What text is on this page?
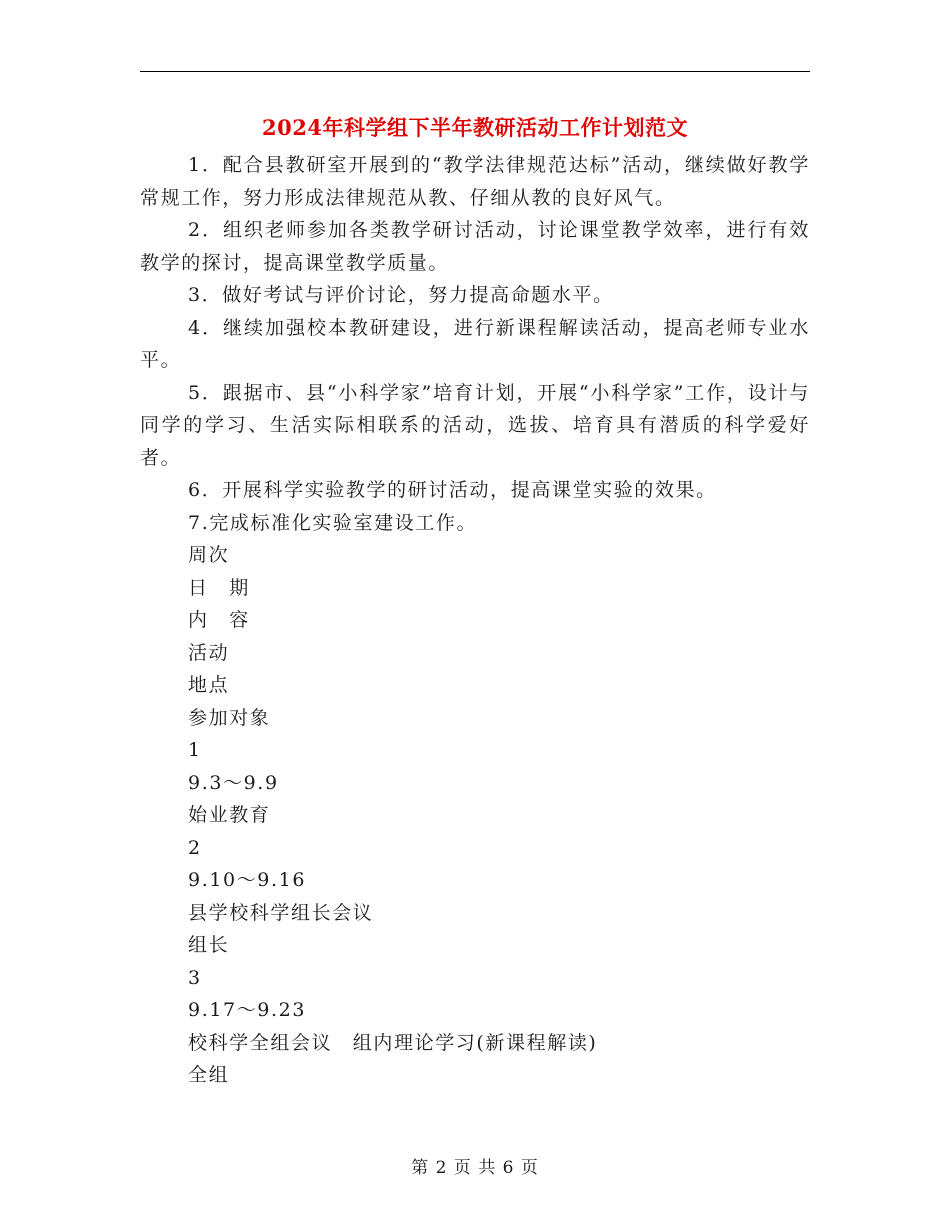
2024年科学组下半年教研活动工作计划范文

1．配合县教研室开展到的“教学法律规范达标”活动，继续做好教学常规工作，努力形成法律规范从教、仔细从教的良好风气。

2．组织老师参加各类教学研讨活动，讨论课堂教学效率，进行有效教学的探讨，提高课堂教学质量。

3．做好考试与评价讨论，努力提高命题水平。

4．继续加强校本教研建设，进行新课程解读活动，提高老师专业水平。

5．跟据市、县“小科学家”培育计划，开展“小科学家”工作，设计与同学的学习、生活实际相联系的活动，选拔、培育具有潜质的科学爱好者。

6．开展科学实验教学的研讨活动，提高课堂实验的效果。

7.完成标准化实验室建设工作。

周次

日　期

内　容

活动

地点

参加对象

1

9.3～9.9

始业教育

2

9.10～9.16

县学校科学组长会议

组长

3

9.17～9.23

校科学全组会议　组内理论学习(新课程解读)

全组

第 2 页 共 6 页
